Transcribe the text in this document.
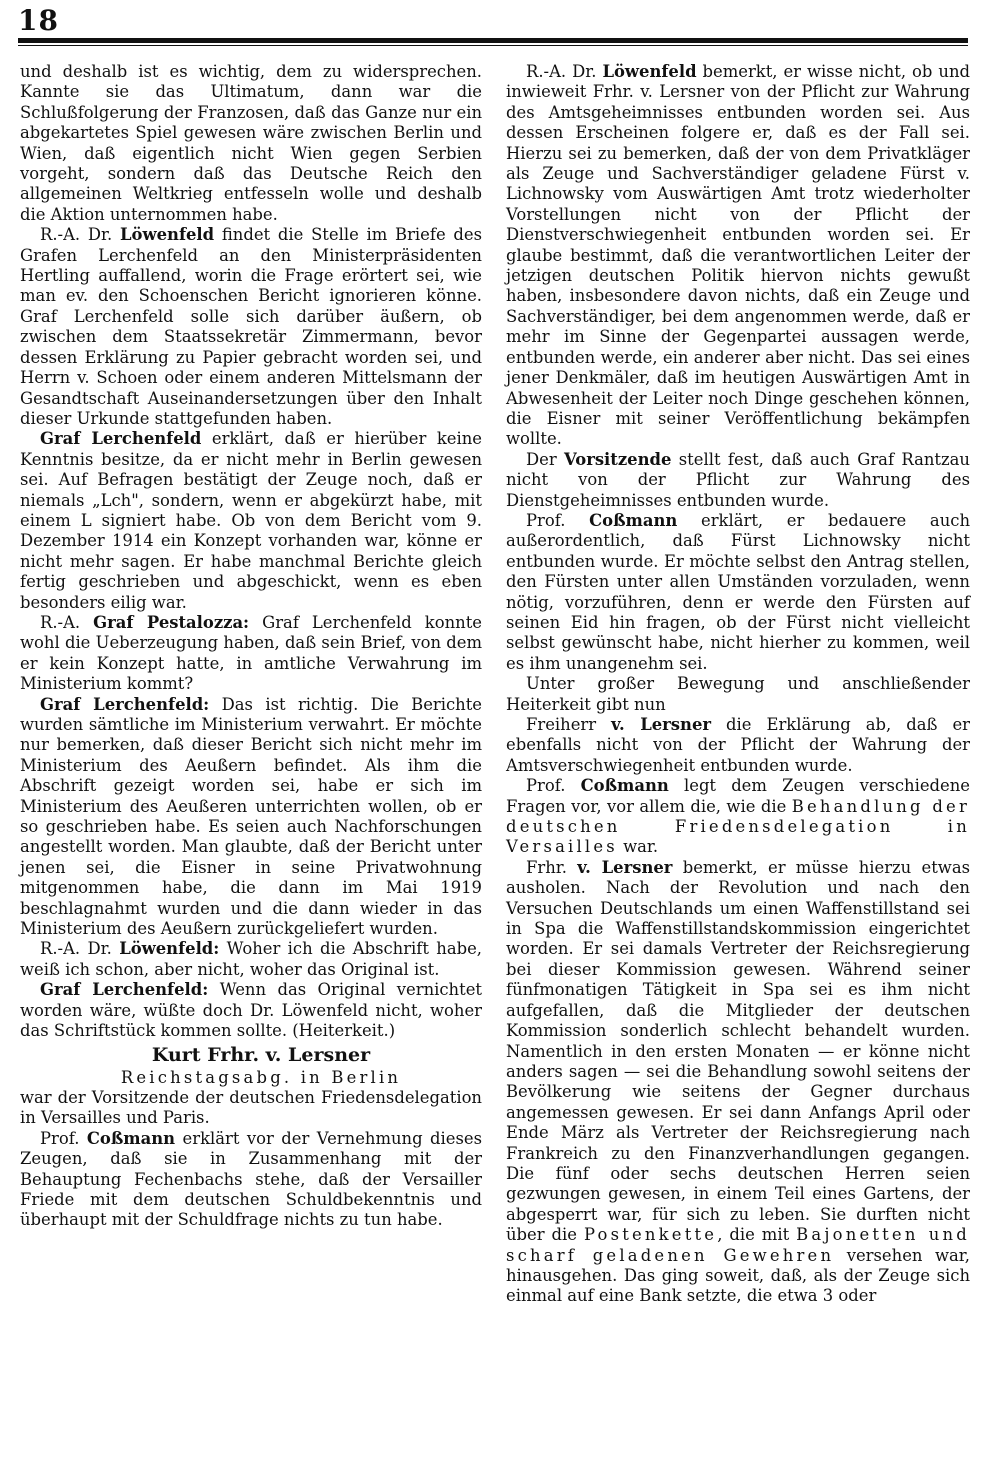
18

und deshalb ist es wichtig, dem zu widersprechen. Kannte sie das Ultimatum, dann war die Schlußfolgerung der Franzosen, daß das Ganze nur ein abgekartetes Spiel gewesen wäre zwischen Berlin und Wien, daß eigentlich nicht Wien gegen Serbien vorgeht, sondern daß das Deutsche Reich den allgemeinen Weltkrieg entfesseln wolle und deshalb die Aktion unternommen habe.

R.-A. Dr. Löwenfeld findet die Stelle im Briefe des Grafen Lerchenfeld an den Ministerpräsidenten Hertling auffallend, worin die Frage erörtert sei, wie man ev. den Schoenschen Bericht ignorieren könne. Graf Lerchenfeld solle sich darüber äußern, ob zwischen dem Staatssekretär Zimmermann, bevor dessen Erklärung zu Papier gebracht worden sei, und Herrn v. Schoen oder einem anderen Mittelsmann der Gesandtschaft Auseinandersetzungen über den Inhalt dieser Urkunde stattgefunden haben.

Graf Lerchenfeld erklärt, daß er hierüber keine Kenntnis besitze, da er nicht mehr in Berlin gewesen sei. Auf Befragen bestätigt der Zeuge noch, daß er niemals „Lch", sondern, wenn er abgekürzt habe, mit einem L signiert habe. Ob von dem Bericht vom 9. Dezember 1914 ein Konzept vorhanden war, könne er nicht mehr sagen. Er habe manchmal Berichte gleich fertig geschrieben und abgeschickt, wenn es eben besonders eilig war.

R.-A. Graf Pestalozza: Graf Lerchenfeld konnte wohl die Ueberzeugung haben, daß sein Brief, von dem er kein Konzept hatte, in amtliche Verwahrung im Ministerium kommt?

Graf Lerchenfeld: Das ist richtig. Die Berichte wurden sämtliche im Ministerium verwahrt. Er möchte nur bemerken, daß dieser Bericht sich nicht mehr im Ministerium des Aeußern befindet. Als ihm die Abschrift gezeigt worden sei, habe er sich im Ministerium des Aeußeren unterrichten wollen, ob er so geschrieben habe. Es seien auch Nachforschungen angestellt worden. Man glaubte, daß der Bericht unter jenen sei, die Eisner in seine Privatwohnung mitgenommen habe, die dann im Mai 1919 beschlagnahmt wurden und die dann wieder in das Ministerium des Aeußern zurückgeliefert wurden.

R.-A. Dr. Löwenfeld: Woher ich die Abschrift habe, weiß ich schon, aber nicht, woher das Original ist.

Graf Lerchenfeld: Wenn das Original vernichtet worden wäre, wüßte doch Dr. Löwenfeld nicht, woher das Schriftstück kommen sollte. (Heiterkeit.)

Kurt Frhr. v. Lersner

Reichstagsabg. in Berlin

war der Vorsitzende der deutschen Friedensdelegation in Versailles und Paris.

Prof. Coßmann erklärt vor der Vernehmung dieses Zeugen, daß sie in Zusammenhang mit der Behauptung Fechenbachs stehe, daß der Versailler Friede mit dem deutschen Schuldbekenntnis und überhaupt mit der Schuldfrage nichts zu tun habe.

R.-A. Dr. Löwenfeld bemerkt, er wisse nicht, ob und inwieweit Frhr. v. Lersner von der Pflicht zur Wahrung des Amtsgeheimnisses entbunden worden sei. Aus dessen Erscheinen folgere er, daß es der Fall sei. Hierzu sei zu bemerken, daß der von dem Privatkläger als Zeuge und Sachverständiger geladene Fürst v. Lichnowsky vom Auswärtigen Amt trotz wiederholter Vorstellungen nicht von der Pflicht der Dienstverschwiegenheit entbunden worden sei. Er glaube bestimmt, daß die verantwortlichen Leiter der jetzigen deutschen Politik hiervon nichts gewußt haben, insbesondere davon nichts, daß ein Zeuge und Sachverständiger, bei dem angenommen werde, daß er mehr im Sinne der Gegenpartei aussagen werde, entbunden werde, ein anderer aber nicht. Das sei eines jener Denkmäler, daß im heutigen Auswärtigen Amt in Abwesenheit der Leiter noch Dinge geschehen können, die Eisner mit seiner Veröffentlichung bekämpfen wollte.

Der Vorsitzende stellt fest, daß auch Graf Rantzau nicht von der Pflicht zur Wahrung des Dienstgeheimnisses entbunden wurde.

Prof. Coßmann erklärt, er bedauere auch außerordentlich, daß Fürst Lichnowsky nicht entbunden wurde. Er möchte selbst den Antrag stellen, den Fürsten unter allen Umständen vorzuladen, wenn nötig, vorzuführen, denn er werde den Fürsten auf seinen Eid hin fragen, ob der Fürst nicht vielleicht selbst gewünscht habe, nicht hierher zu kommen, weil es ihm unangenehm sei.

Unter großer Bewegung und anschließender Heiterkeit gibt nun

Freiherr v. Lersner die Erklärung ab, daß er ebenfalls nicht von der Pflicht der Wahrung der Amtsverschwiegenheit entbunden wurde.

Prof. Coßmann legt dem Zeugen verschiedene Fragen vor, vor allem die, wie die Behandlung der deutschen Friedensdelegation in Versailles war.

Frhr. v. Lersner bemerkt, er müsse hierzu etwas ausholen. Nach der Revolution und nach den Versuchen Deutschlands um einen Waffenstillstand sei in Spa die Waffenstillstandskommission eingerichtet worden. Er sei damals Vertreter der Reichsregierung bei dieser Kommission gewesen. Während seiner fünfmonatigen Tätigkeit in Spa sei es ihm nicht aufgefallen, daß die Mitglieder der deutschen Kommission sonderlich schlecht behandelt wurden. Namentlich in den ersten Monaten — er könne nicht anders sagen — sei die Behandlung sowohl seitens der Bevölkerung wie seitens der Gegner durchaus angemessen gewesen. Er sei dann Anfangs April oder Ende März als Vertreter der Reichsregierung nach Frankreich zu den Finanzverhandlungen gegangen. Die fünf oder sechs deutschen Herren seien gezwungen gewesen, in einem Teil eines Gartens, der abgesperrt war, für sich zu leben. Sie durften nicht über die Postenkette, die mit Bajonetten und scharf geladenen Gewehren versehen war, hinausgehen. Das ging soweit, daß, als der Zeuge sich einmal auf eine Bank setzte, die etwa 3 oder
